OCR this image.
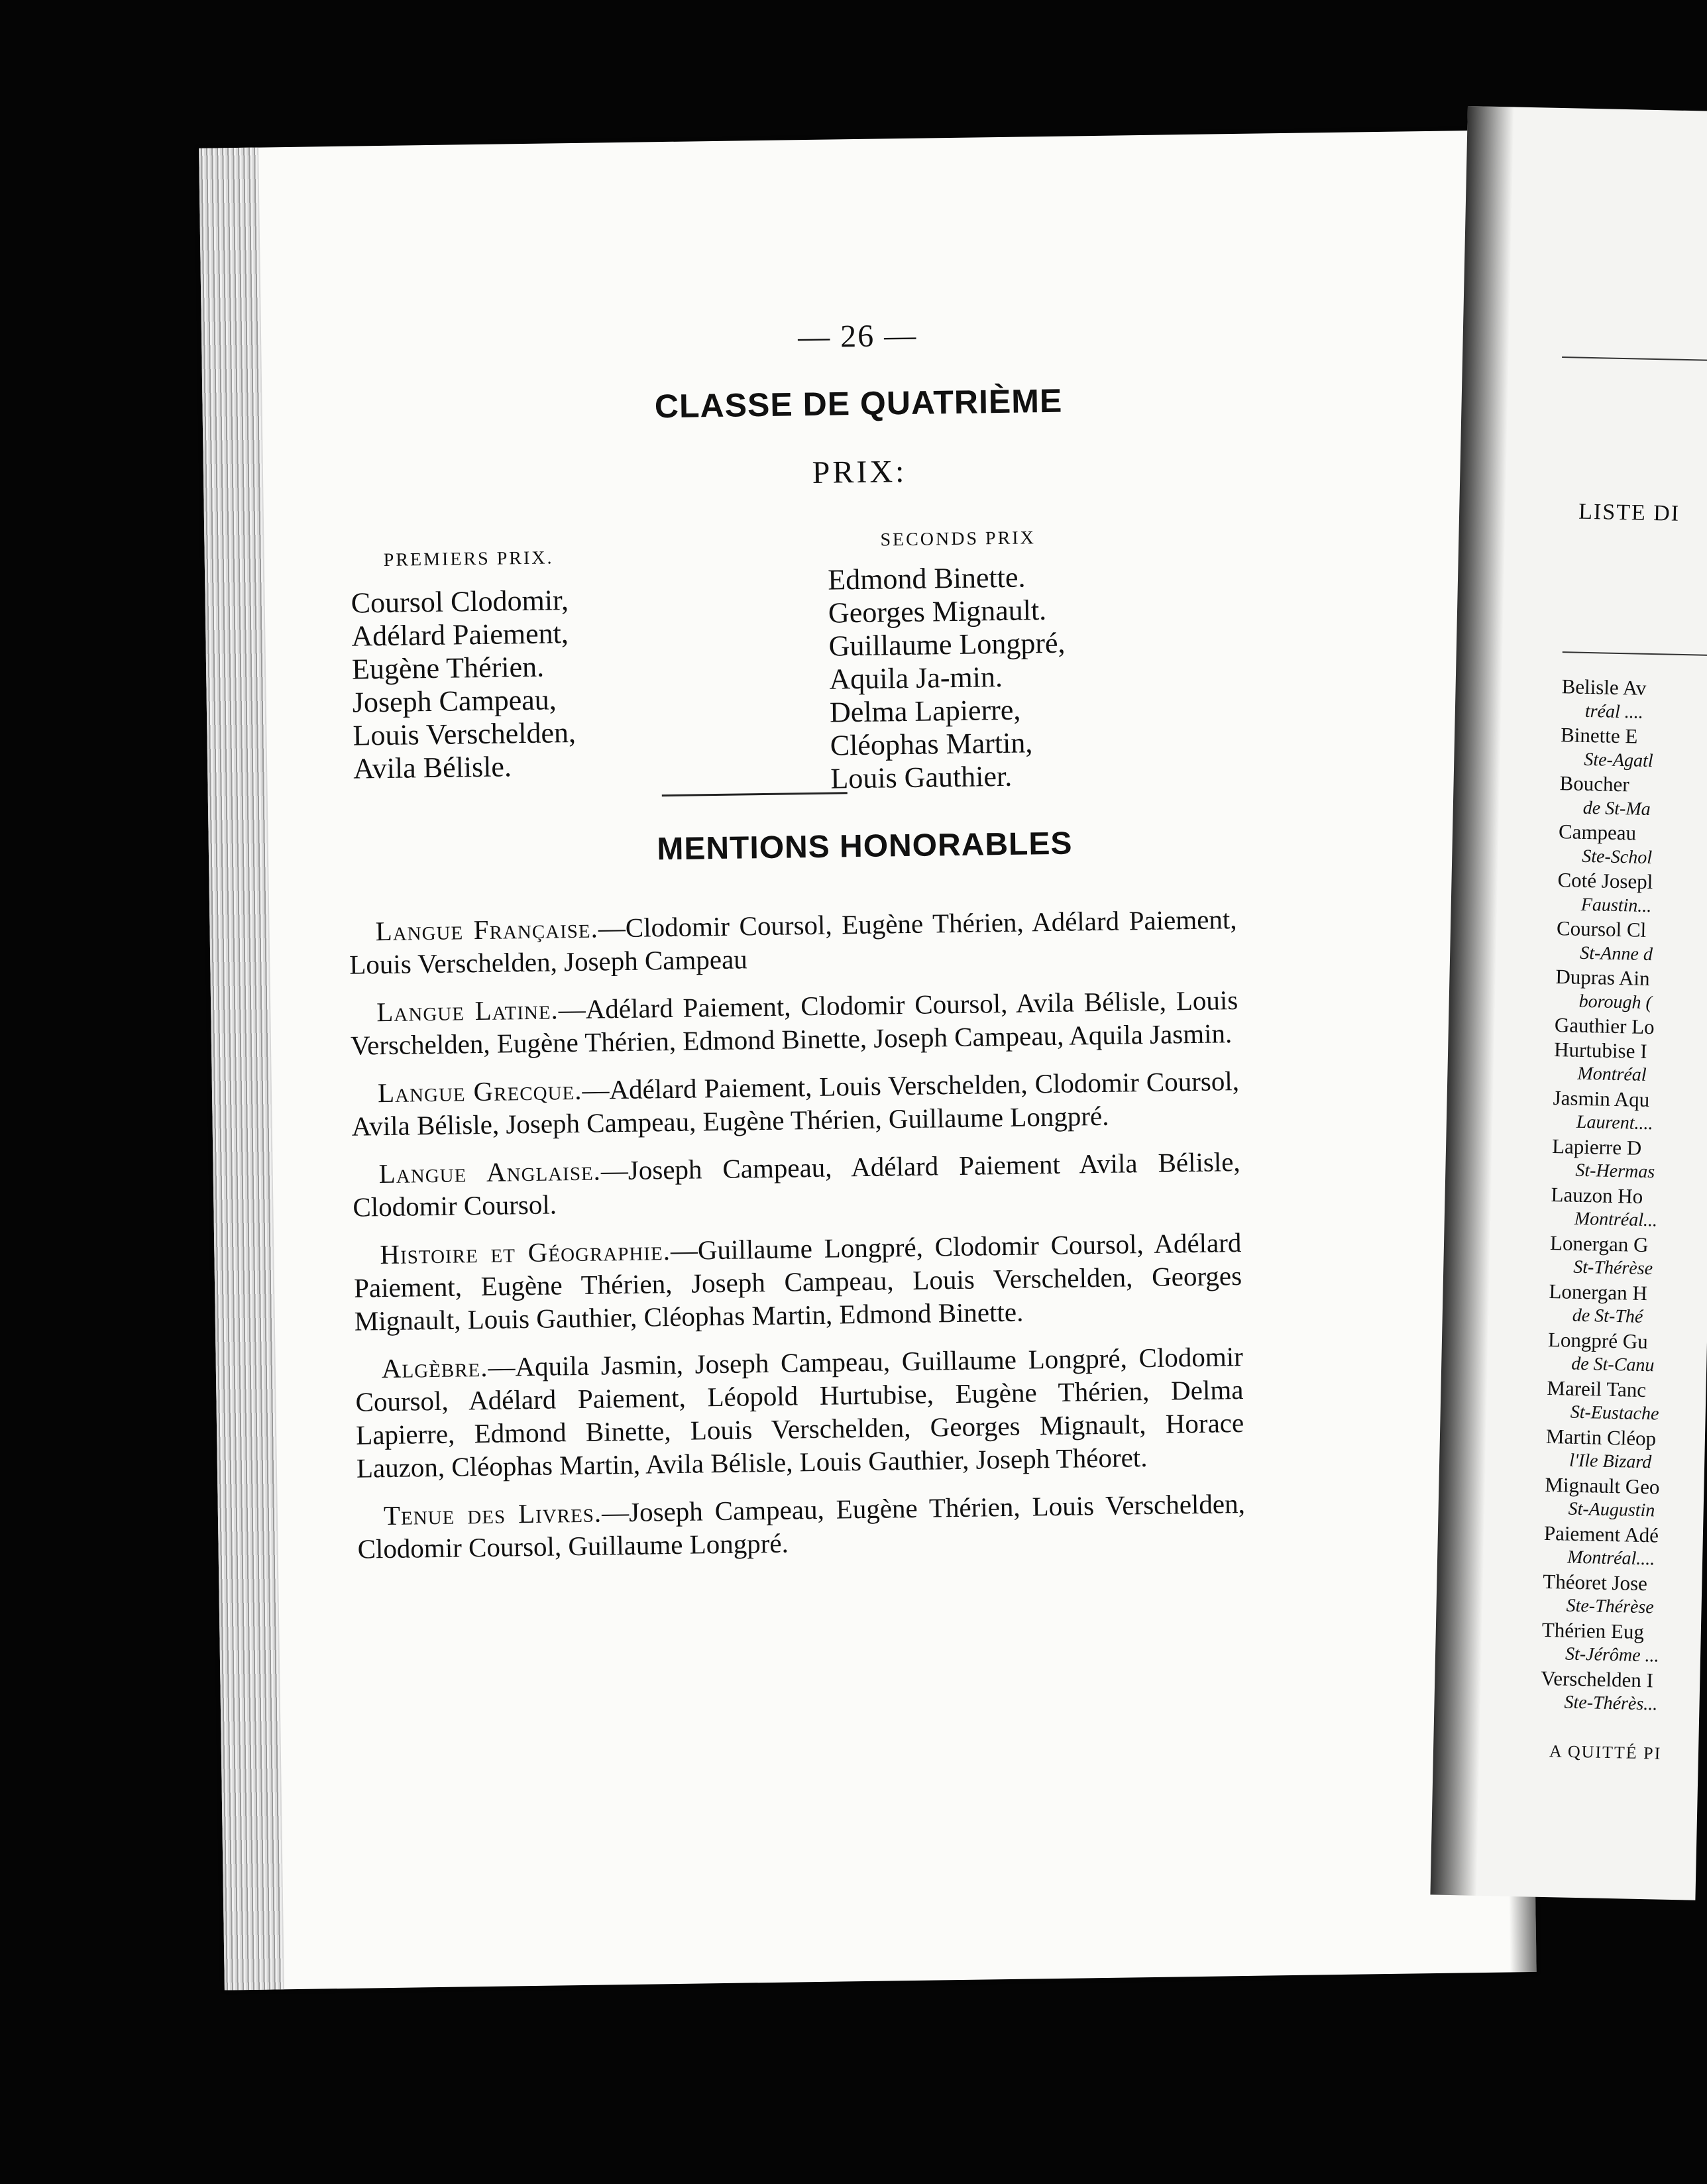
— 26 —
CLASSE DE QUATRIÈME
PRIX:
PREMIERS PRIX.
Coursol Clodomir,
Adélard Paiement,
Eugène Thérien.
Joseph Campeau,
Louis Verschelden,
Avila Bélisle.
SECONDS PRIX
Edmond Binette.
Georges Mignault.
Guillaume Longpré,
Aquila Ja-min.
Delma Lapierre,
Cléophas Martin,
Louis Gauthier.
MENTIONS HONORABLES

Langue Française.—Clodomir Coursol, Eugène Thérien, Adélard Paiement, Louis Verschelden, Joseph Campeau

Langue Latine.—Adélard Paiement, Clodomir Coursol, Avila Bélisle, Louis Verschelden, Eugène Thérien, Edmond Binette, Joseph Campeau, Aquila Jasmin.

Langue Grecque.—Adélard Paiement, Louis Verschelden, Clodomir Coursol, Avila Bélisle, Joseph Campeau, Eugène Thérien, Guillaume Longpré.

Langue Anglaise.—Joseph Campeau, Adélard Paiement Avila Bélisle, Clodomir Coursol.

Histoire et Géographie.—Guillaume Longpré, Clodomir Coursol, Adélard Paiement, Eugène Thérien, Joseph Campeau, Louis Verschelden, Georges Mignault, Louis Gauthier, Cléophas Martin, Edmond Binette.

Algèbre.—Aquila Jasmin, Joseph Campeau, Guillaume Longpré, Clodomir Coursol, Adélard Paiement, Léopold Hurtubise, Eugène Thérien, Delma Lapierre, Edmond Binette, Louis Verschelden, Georges Mignault, Horace Lauzon, Cléophas Martin, Avila Bélisle, Louis Gauthier, Joseph Théoret.

Tenue des Livres.—Joseph Campeau, Eugène Thérien, Louis Verschelden, Clodomir Coursol, Guillaume Longpré.

LISTE DI
Belisle Av
tréal ....
Binette E
Ste-Agatl
Boucher
de St-Ma
Campeau
Ste-Schol
Coté Josepl
Faustin...
Coursol Cl
St-Anne d
Dupras Ain
borough (
Gauthier Lo
Hurtubise I
Montréal
Jasmin Aqu
Laurent....
Lapierre D
St-Hermas
Lauzon Ho
Montréal...
Lonergan G
St-Thérèse
Lonergan H
de St-Thé
Longpré Gu
de St-Canu
Mareil Tanc
St-Eustache
Martin Cléop
l'Ile Bizard
Mignault Geo
St-Augustin
Paiement Adé
Montréal....
Théoret Jose
Ste-Thérèse
Thérien Eug
St-Jérôme ...
Verschelden I
Ste-Thérès...
A QUITTÉ PI
